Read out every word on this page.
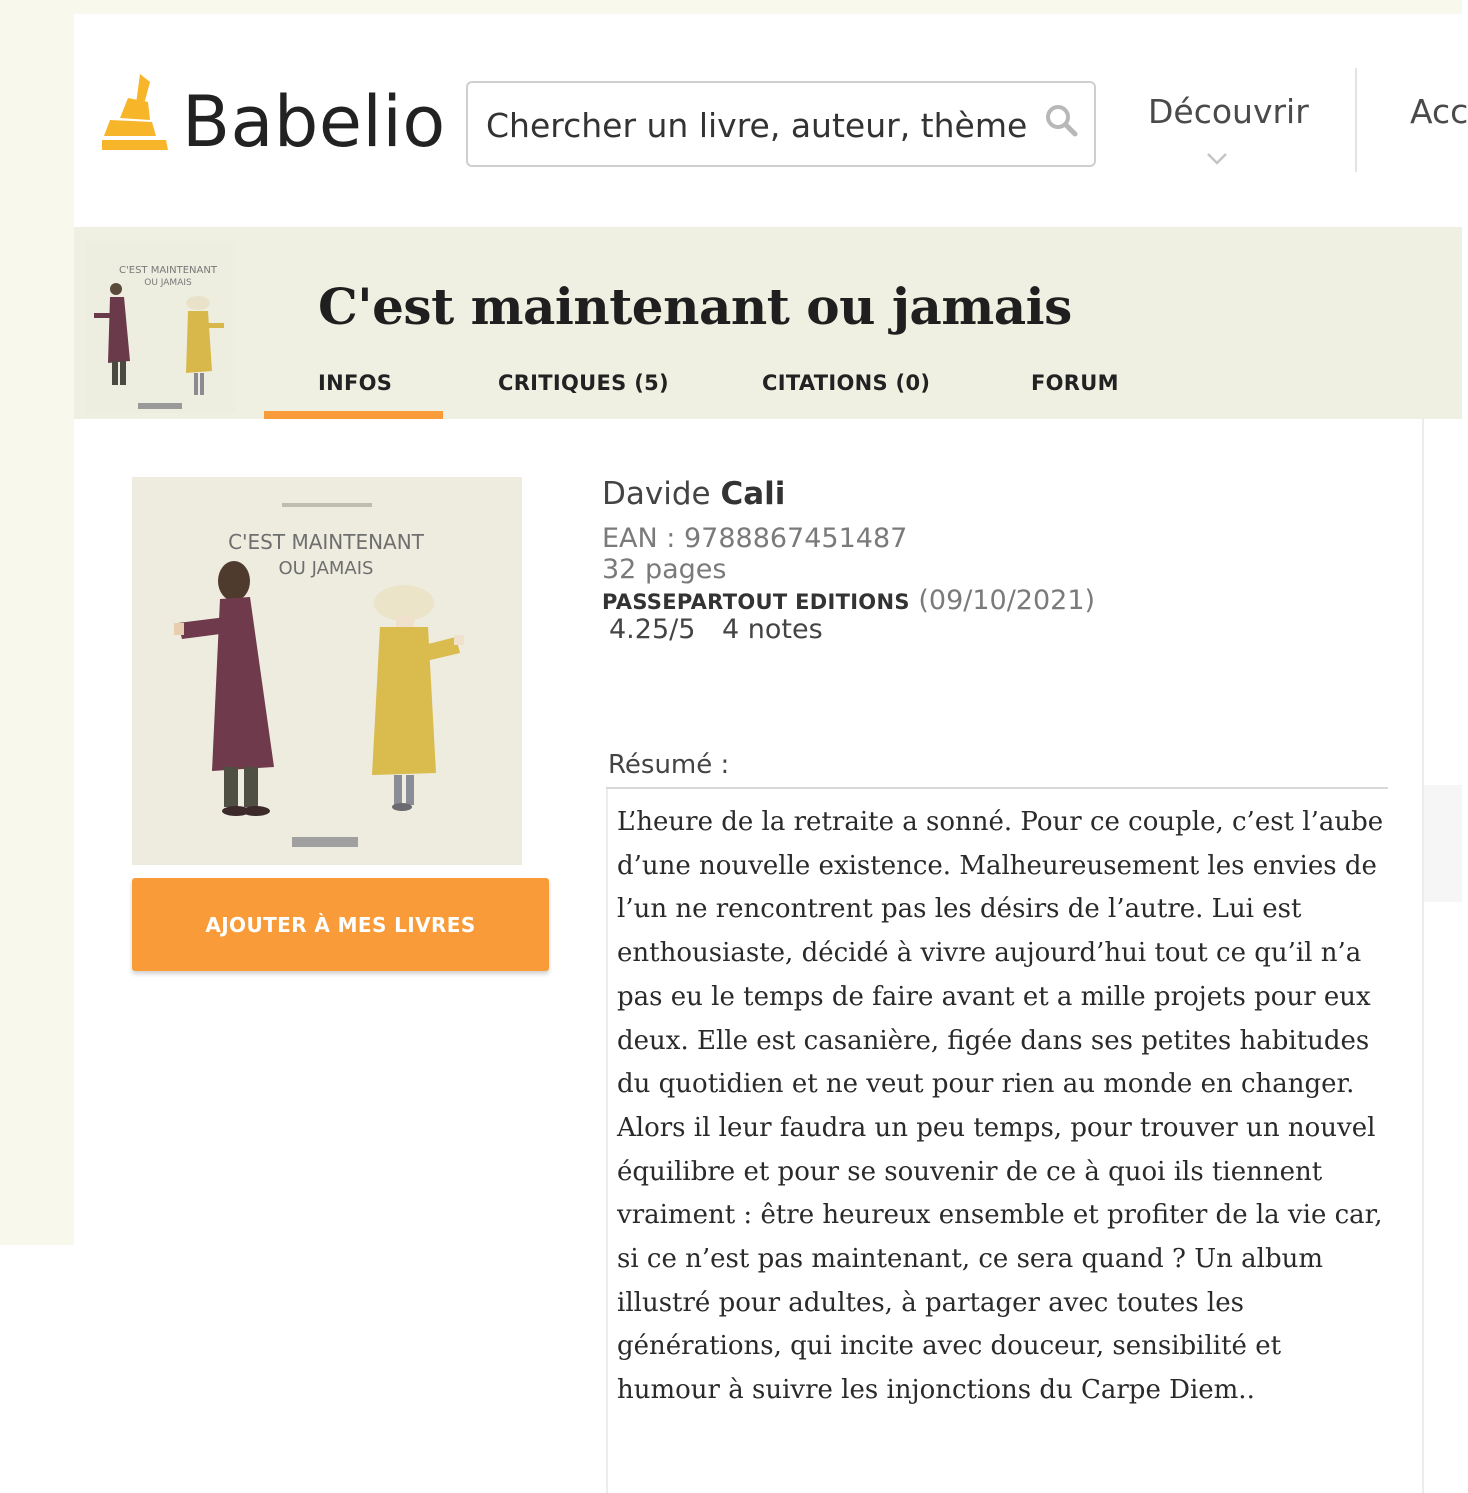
Babelio
Chercher un livre, auteur, thème	Découvrir	Acc
C'EST MAINTENANT
OU JAMAIS	C'est maintenant ou jamais
INFOS	CRITIQUES (5)	CITATIONS (0)	FORUM
C'EST MAINTENANT
OU JAMAIS
AJOUTER À MES LIVRES
Davide Cali
EAN : 9788867451487
32 pages
PASSEPARTOUT EDITIONS (09/10/2021)
4.25/5 4 notes
Résumé :
L’heure de la retraite a sonné. Pour ce couple, c’est l’aube d’une nouvelle existence. Malheureusement les envies de l’un ne rencontrent pas les désirs de l’autre. Lui est enthousiaste, décidé à vivre aujourd’hui tout ce qu’il n’a pas eu le temps de faire avant et a mille projets pour eux deux. Elle est casanière, figée dans ses petites habitudes du quotidien et ne veut pour rien au monde en changer. Alors il leur faudra un peu temps, pour trouver un nouvel équilibre et pour se souvenir de ce à quoi ils tiennent vraiment : être heureux ensemble et profiter de la vie car, si ce n’est pas maintenant, ce sera quand ? Un album illustré pour adultes, à partager avec toutes les générations, qui incite avec douceur, sensibilité et humour à suivre les injonctions du Carpe Diem..
